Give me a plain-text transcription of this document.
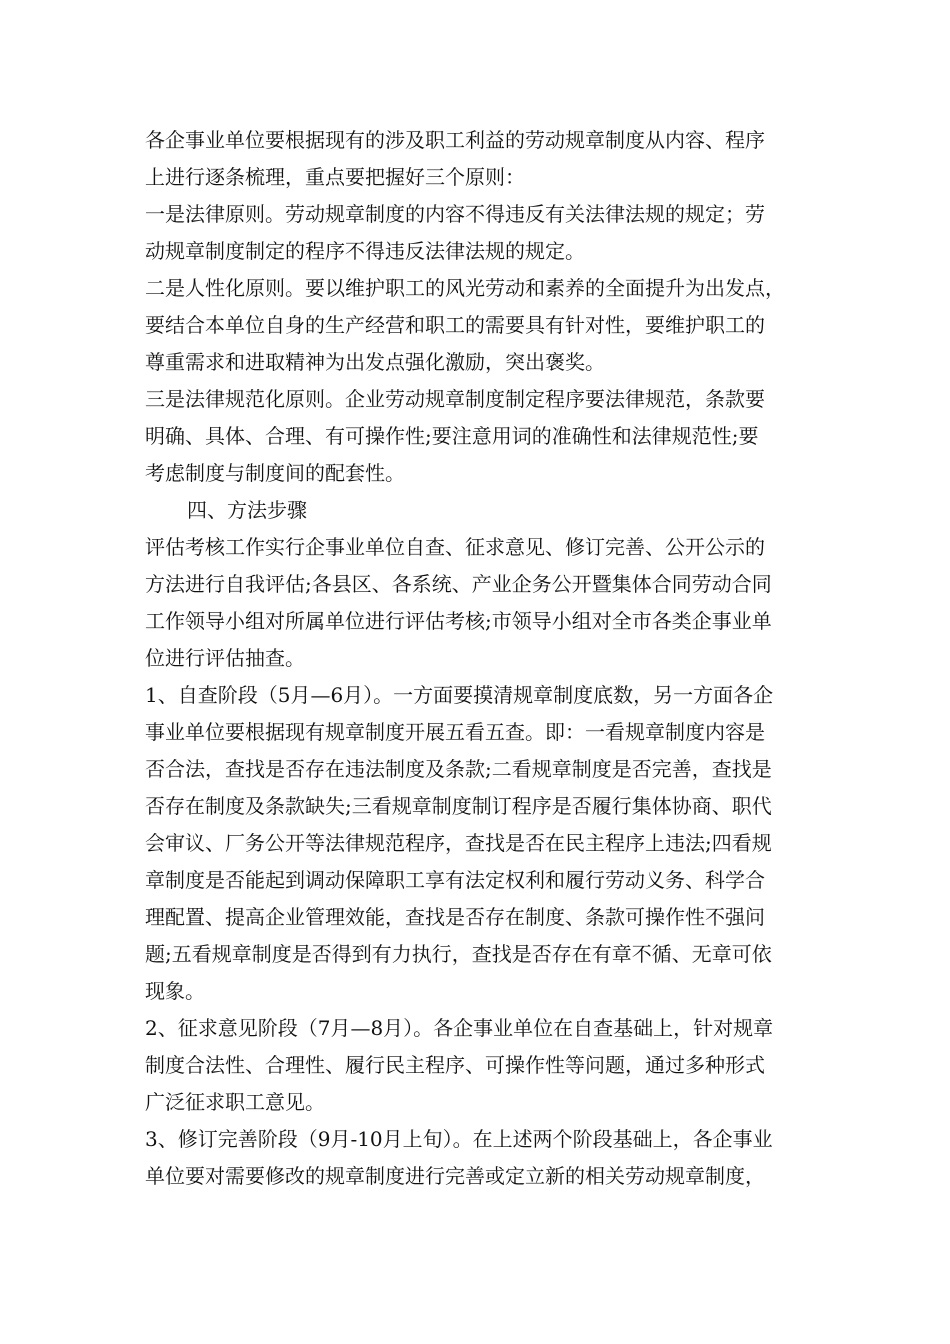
各企事业单位要根据现有的涉及职工利益的劳动规章制度从内容、程序
上进行逐条梳理，重点要把握好三个原则：

一是法律原则。劳动规章制度的内容不得违反有关法律法规的规定；劳
动规章制度制定的程序不得违反法律法规的规定。

二是人性化原则。要以维护职工的风光劳动和素养的全面提升为出发点，
要结合本单位自身的生产经营和职工的需要具有针对性，要维护职工的
尊重需求和进取精神为出发点强化激励，突出褒奖。

三是法律规范化原则。企业劳动规章制度制定程序要法律规范，条款要
明确、具体、合理、有可操作性;要注意用词的准确性和法律规范性;要
考虑制度与制度间的配套性。

四、方法步骤

评估考核工作实行企事业单位自查、征求意见、修订完善、公开公示的
方法进行自我评估;各县区、各系统、产业企务公开暨集体合同劳动合同
工作领导小组对所属单位进行评估考核;市领导小组对全市各类企事业单
位进行评估抽查。

1、自查阶段（5月—6月）。一方面要摸清规章制度底数，另一方面各企
事业单位要根据现有规章制度开展五看五查。即：一看规章制度内容是
否合法，查找是否存在违法制度及条款;二看规章制度是否完善，查找是
否存在制度及条款缺失;三看规章制度制订程序是否履行集体协商、职代
会审议、厂务公开等法律规范程序，查找是否在民主程序上违法;四看规
章制度是否能起到调动保障职工享有法定权利和履行劳动义务、科学合
理配置、提高企业管理效能，查找是否存在制度、条款可操作性不强问
题;五看规章制度是否得到有力执行，查找是否存在有章不循、无章可依
现象。

2、征求意见阶段（7月—8月）。各企事业单位在自查基础上，针对规章
制度合法性、合理性、履行民主程序、可操作性等问题，通过多种形式
广泛征求职工意见。

3、修订完善阶段（9月-10月上旬）。在上述两个阶段基础上，各企事业
单位要对需要修改的规章制度进行完善或定立新的相关劳动规章制度，
